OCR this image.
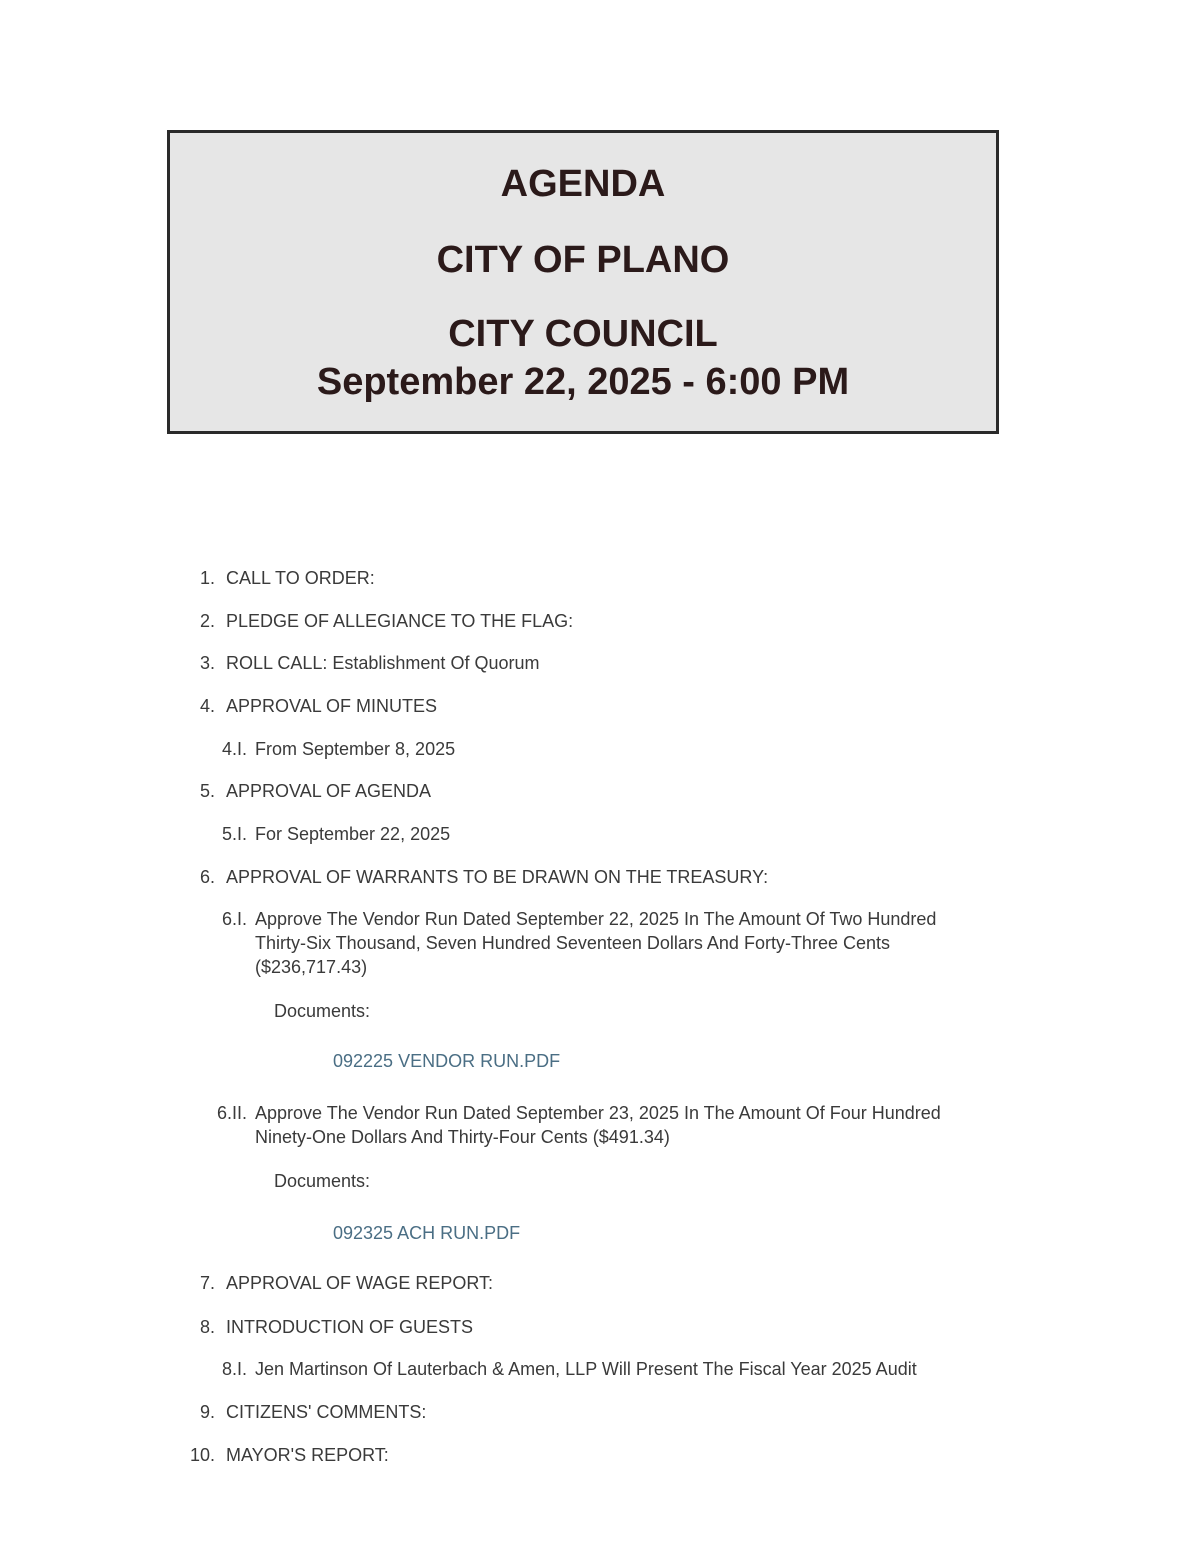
AGENDA
CITY OF PLANO
CITY COUNCIL
September 22, 2025 - 6:00 PM
1. CALL TO ORDER:
2. PLEDGE OF ALLEGIANCE TO THE FLAG:
3. ROLL CALL: Establishment Of Quorum
4. APPROVAL OF MINUTES
4.I. From September 8, 2025
5. APPROVAL OF AGENDA
5.I. For September 22, 2025
6. APPROVAL OF WARRANTS TO BE DRAWN ON THE TREASURY:
6.I. Approve The Vendor Run Dated September 22, 2025 In The Amount Of Two Hundred Thirty-Six Thousand, Seven Hundred Seventeen Dollars And Forty-Three Cents ($236,717.43)
Documents:
092225 VENDOR RUN.PDF
6.II. Approve The Vendor Run Dated September 23, 2025 In The Amount Of Four Hundred Ninety-One Dollars And Thirty-Four Cents ($491.34)
Documents:
092325 ACH RUN.PDF
7. APPROVAL OF WAGE REPORT:
8. INTRODUCTION OF GUESTS
8.I. Jen Martinson Of Lauterbach & Amen, LLP Will Present The Fiscal Year 2025 Audit
9. CITIZENS' COMMENTS:
10. MAYOR'S REPORT:
